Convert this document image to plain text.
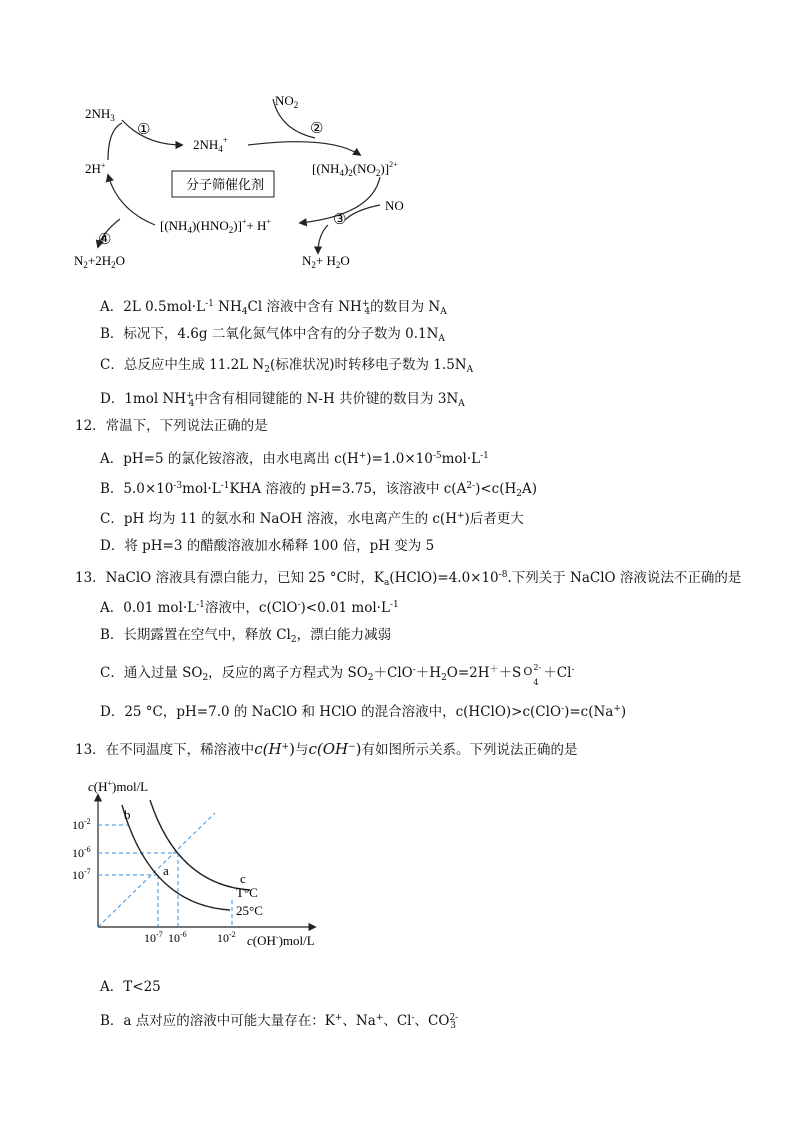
$2NH_3$
①
$2NH_4^+$
$NO_2$
②
2H+
分子筛催化剂
$[(NH_4)_2(NO_2)]^{2+}$
NO
③
$[(NH_4)(HNO_2)]^++ H^+$
④
$N_2+2H_2O$	$N_2+ H_2O$
A．2L $0.5mol\cdot L^{-1}$ $NH_4Cl$ 溶液中含有 $NH^+_4$的数目为 $N_A$
B．标况下，4.6g 二氧化氮气体中含有的分子数为 $0.1N_A$
C．总反应中生成 11.2L $N_2$(标准状况)时转移电子数为 $1.5N_A$
D．1mol $NH^+_4$中含有相同键能的 N-H 共价键的数目为 $3N_A$
12．常温下，下列说法正确的是
A．pH=5 的氯化铵溶液，由水电离出 $c(H^+)=1.0\times 10^{-5}mol\cdot L^{-1}$
B．$5.0\times 10^{-3}mol\cdot L^{-1}KHA$ 溶液的 pH=3.75，该溶液中 $c(A^{2-})<c(H_2A)$
C．pH 均为 11 的氨水和 NaOH 溶液，水电离产生的 c(H+)后者更大
D．将 pH=3 的醋酸溶液加水稀释 100 倍，pH 变为 5
13．NaClO 溶液具有漂白能力，已知 25 °C时，$K_a(HClO)=4.0\times 10^{-8}$.下列关于 NaClO 溶液说法不正确的是
A．0.01 $mol\cdot L^{-1}$溶液中，c(ClO-)<0.01 $mol\cdot L^{-1}$
B．长期露置在空气中，释放 $Cl_2$，漂白能力减弱
C．通入过量 $SO_2$，反应的离子方程式为 $SO_2+ClO^-+H_2O=2H^++S$ O 2-
4
＋Cl-
D．25 °C，pH=7.0 的 NaClO 和 HClO 的混合溶液中，c(HClO)>c(ClO-)=c(Na+)
13．在不同温度下，稀溶液中c(H+)与c(OH−)有如图所示关系。下列说法正确的是
c(H+)mol/L
c(OH-)mol/L
$10^{-2}$
$10^{-6}$
$10^{-7}$
$10^{-7}$ $10^{-6}$	$10^{-2}$
b
a
c
T°C
25°C
A．T<25
B．a 点对应的溶液中可能大量存在：K+、Na+、Cl-、$CO^{2-}_3$
